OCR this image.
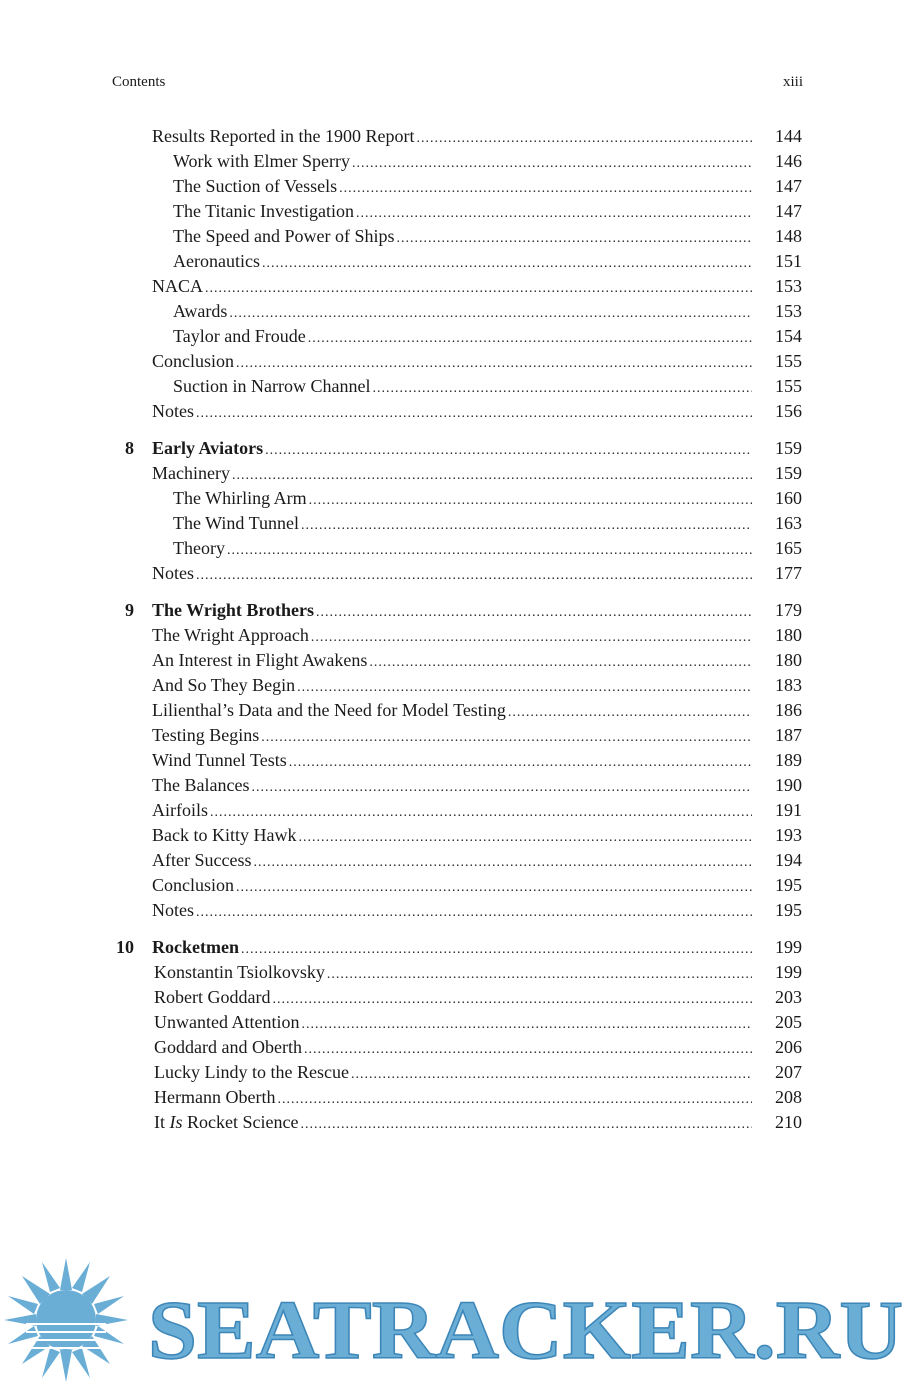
Contents	xiii
Results Reported in the 1900 Report .....	144
Work with Elmer Sperry .....	146
The Suction of Vessels .....	147
The Titanic Investigation .....	147
The Speed and Power of Ships .....	148
Aeronautics .....	151
NACA .....	153
Awards .....	153
Taylor and Froude .....	154
Conclusion .....	155
Suction in Narrow Channel .....	155
Notes .....	156
8 Early Aviators .....	159
Machinery .....	159
The Whirling Arm .....	160
The Wind Tunnel .....	163
Theory .....	165
Notes .....	177
9 The Wright Brothers .....	179
The Wright Approach .....	180
An Interest in Flight Awakens .....	180
And So They Begin .....	183
Lilienthal’s Data and the Need for Model Testing .....	186
Testing Begins .....	187
Wind Tunnel Tests .....	189
The Balances .....	190
Airfoils .....	191
Back to Kitty Hawk .....	193
After Success .....	194
Conclusion .....	195
Notes .....	195
10 Rocketmen .....	199
Konstantin Tsiolkovsky .....	199
Robert Goddard .....	203
Unwanted Attention .....	205
Goddard and Oberth .....	206
Lucky Lindy to the Rescue .....	207
Hermann Oberth .....	208
It Is Rocket Science .....	210
SEATRACKER.RU
